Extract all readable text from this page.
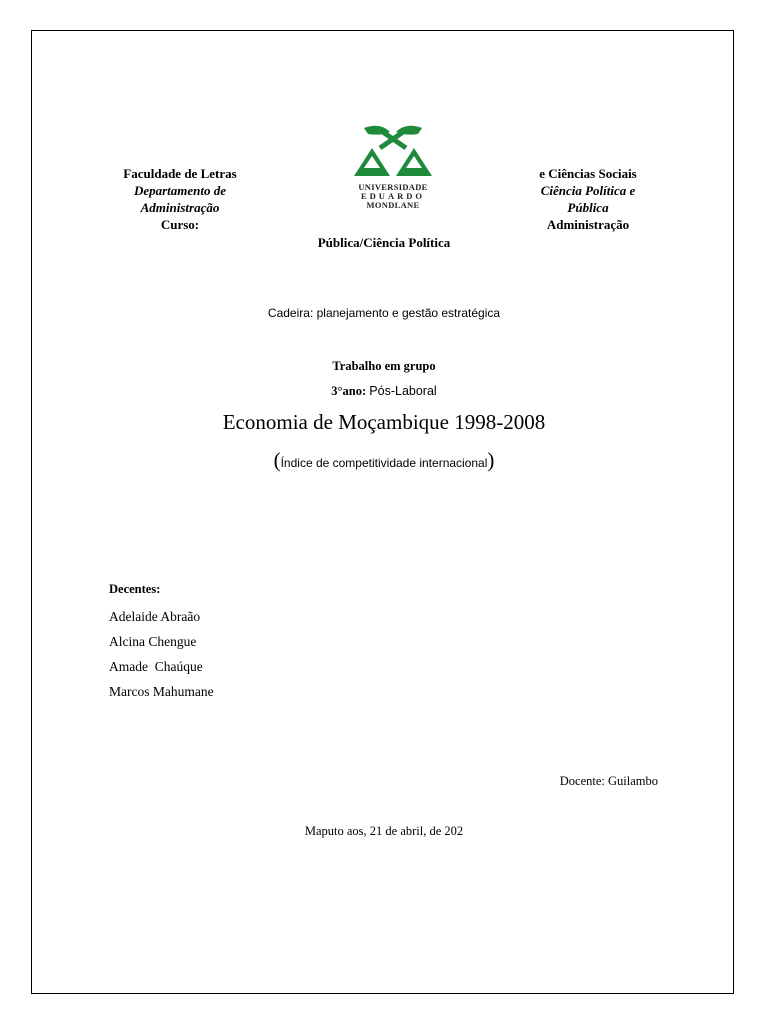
Faculdade de Letras
Departamento de
Administração
Curso:
UNIVERSIDADE
EDUARDO
MONDLANE
e Ciências Sociais
Ciência Política e
Pública
Administração
Pública/Ciência Política
Cadeira: planejamento e gestão estratégica
Trabalho em grupo
3°ano: Pós-Laboral
Economia de Moçambique 1998-2008
(Índice de competitividade internacional)
Decentes:
Adelaide Abraão
Alcina Chengue
Amade  Chaúque
Marcos Mahumane
Docente: Guilambo
Maputo aos, 21 de abril, de 202
